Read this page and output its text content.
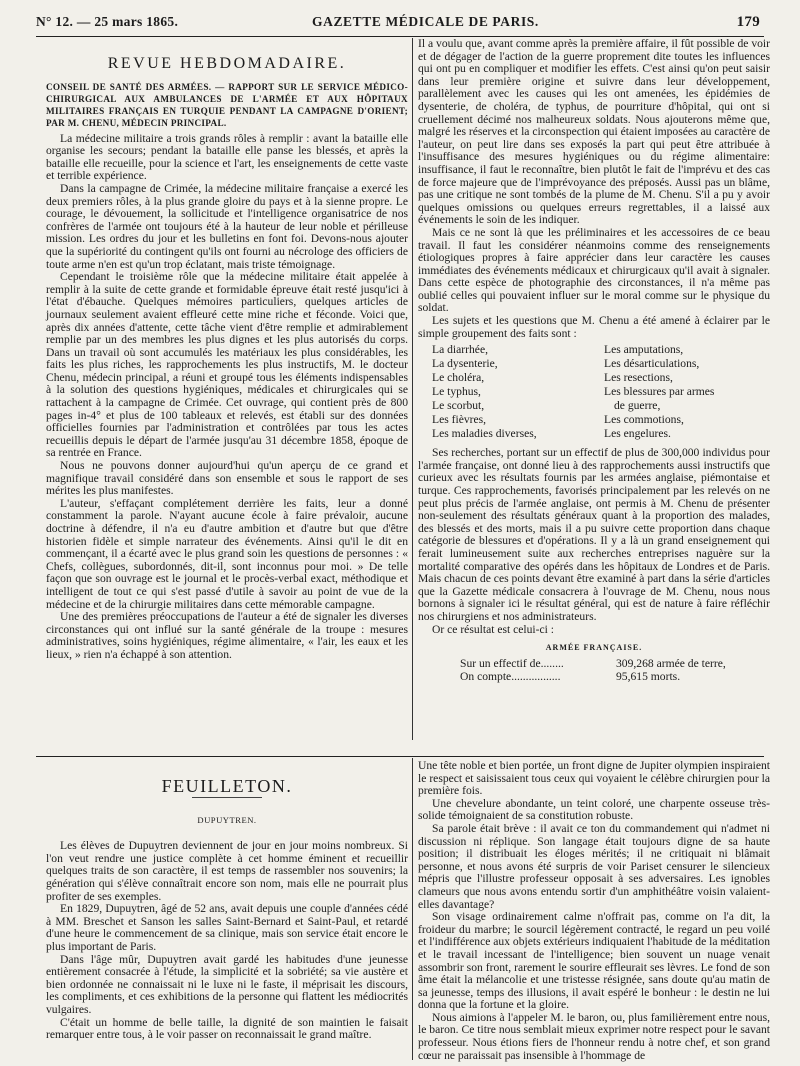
N° 12. — 25 mars 1865.	GAZETTE MÉDICALE DE PARIS.	179
REVUE HEBDOMADAIRE.
CONSEIL DE SANTÉ DES ARMÉES. — RAPPORT SUR LE SERVICE MÉDICO-CHIRURGICAL AUX AMBULANCES DE L'ARMÉE ET AUX HÔPITAUX MILITAIRES FRANÇAIS EN TURQUIE PENDANT LA CAMPAGNE D'ORIENT; PAR M. CHENU, MÉDECIN PRINCIPAL.

La médecine militaire a trois grands rôles à remplir : avant la bataille elle organise les secours; pendant la bataille elle panse les blessés, et après la bataille elle recueille, pour la science et l'art, les enseignements de cette vaste et terrible expérience.

Dans la campagne de Crimée, la médecine militaire française a exercé les deux premiers rôles, à la plus grande gloire du pays et à la sienne propre. Le courage, le dévouement, la sollicitude et l'intelligence organisatrice de nos confrères de l'armée ont toujours été à la hauteur de leur noble et périlleuse mission. Les ordres du jour et les bulletins en font foi. Devons-nous ajouter que la supériorité du contingent qu'ils ont fourni au nécrologe des officiers de toute arme n'en est qu'un trop éclatant, mais triste témoignage.

Cependant le troisième rôle que la médecine militaire était appelée à remplir à la suite de cette grande et formidable épreuve était resté jusqu'ici à l'état d'ébauche. Quelques mémoires particuliers, quelques articles de journaux seulement avaient effleuré cette mine riche et féconde. Voici que, après dix années d'attente, cette tâche vient d'être remplie et admirablement remplie par un des membres les plus dignes et les plus autorisés du corps. Dans un travail où sont accumulés les matériaux les plus considérables, les faits les plus riches, les rapprochements les plus instructifs, M. le docteur Chenu, médecin principal, a réuni et groupé tous les éléments indispensables à la solution des questions hygiéniques, médicales et chirurgicales qui se rattachent à la campagne de Crimée. Cet ouvrage, qui contient près de 800 pages in-4° et plus de 100 tableaux et relevés, est établi sur des données officielles fournies par l'administration et contrôlées par tous les actes recueillis depuis le départ de l'armée jusqu'au 31 décembre 1858, époque de sa rentrée en France.

Nous ne pouvons donner aujourd'hui qu'un aperçu de ce grand et magnifique travail considéré dans son ensemble et sous le rapport de ses mérites les plus manifestes.

L'auteur, s'effaçant complétement derrière les faits, leur a donné constamment la parole. N'ayant aucune école à faire prévaloir, aucune doctrine à défendre, il n'a eu d'autre ambition et d'autre but que d'être historien fidèle et simple narrateur des événements. Ainsi qu'il le dit en commençant, il a écarté avec le plus grand soin les questions de personnes : « Chefs, collègues, subordonnés, dit-il, sont inconnus pour moi. » De telle façon que son ouvrage est le journal et le procès-verbal exact, méthodique et intelligent de tout ce qui s'est passé d'utile à savoir au point de vue de la médecine et de la chirurgie militaires dans cette mémorable campagne.

Une des premières préoccupations de l'auteur a été de signaler les diverses circonstances qui ont influé sur la santé générale de la troupe : mesures administratives, soins hygiéniques, régime alimentaire, « l'air, les eaux et les lieux, » rien n'a échappé à son attention.

Il a voulu que, avant comme après la première affaire, il fût possible de voir et de dégager de l'action de la guerre proprement dite toutes les influences qui ont pu en compliquer et modifier les effets. C'est ainsi qu'on peut saisir dans leur première origine et suivre dans leur développement, parallèlement avec les causes qui les ont amenées, les épidémies de dysenterie, de choléra, de typhus, de pourriture d'hôpital, qui ont si cruellement décimé nos malheureux soldats. Nous ajouterons même que, malgré les réserves et la circonspection qui étaient imposées au caractère de l'auteur, on peut lire dans ses exposés la part qui peut être attribuée à l'insuffisance des mesures hygiéniques ou du régime alimentaire: insuffisance, il faut le reconnaître, bien plutôt le fait de l'imprévu et des cas de force majeure que de l'imprévoyance des préposés. Aussi pas un blâme, pas une critique ne sont tombés de la plume de M. Chenu. S'il a pu y avoir quelques omissions ou quelques erreurs regrettables, il a laissé aux événements le soin de les indiquer.

Mais ce ne sont là que les préliminaires et les accessoires de ce beau travail. Il faut les considérer néanmoins comme des renseignements étiologiques propres à faire apprécier dans leur caractère les causes immédiates des événements médicaux et chirurgicaux qu'il avait à signaler. Dans cette espèce de photographie des circonstances, il n'a même pas oublié celles qui pouvaient influer sur le moral comme sur le physique du soldat.

Les sujets et les questions que M. Chenu a été amené à éclairer par le simple groupement des faits sont :

La diarrhée,	Les amputations,
La dysenterie,	Les désarticulations,
Le choléra,	Les resections,
Le typhus,	Les blessures par armes
Le scorbut,	de guerre,
Les fièvres,	Les commotions,
Les maladies diverses,	Les engelures.

Ses recherches, portant sur un effectif de plus de 300,000 individus pour l'armée française, ont donné lieu à des rapprochements aussi instructifs que curieux avec les résultats fournis par les armées anglaise, piémontaise et turque. Ces rapprochements, favorisés principalement par les relevés on ne peut plus précis de l'armée anglaise, ont permis à M. Chenu de présenter non-seulement des résultats généraux quant à la proportion des malades, des blessés et des morts, mais il a pu suivre cette proportion dans chaque catégorie de blessures et d'opérations. Il y a là un grand enseignement qui ferait lumineusement suite aux recherches entreprises naguère sur la mortalité comparative des opérés dans les hôpitaux de Londres et de Paris. Mais chacun de ces points devant être examiné à part dans la série d'articles que la Gazette médicale consacrera à l'ouvrage de M. Chenu, nous nous bornons à signaler ici le résultat général, qui est de nature à faire réfléchir nos chirurgiens et nos administrateurs.

Or ce résultat est celui-ci :

ARMÉE FRANÇAISE.
Sur un effectif de........	309,268 armée de terre,
On compte.................	95,615 morts.
FEUILLETON.
DUPUYTREN.

Les élèves de Dupuytren deviennent de jour en jour moins nombreux. Si l'on veut rendre une justice complète à cet homme éminent et recueillir quelques traits de son caractère, il est temps de rassembler nos souvenirs; la génération qui s'élève connaîtrait encore son nom, mais elle ne pourrait plus profiter de ses exemples.

En 1829, Dupuytren, âgé de 52 ans, avait depuis une couple d'années cédé à MM. Breschet et Sanson les salles Saint-Bernard et Saint-Paul, et retardé d'une heure le commencement de sa clinique, mais son service était encore le plus important de Paris.

Dans l'âge mûr, Dupuytren avait gardé les habitudes d'une jeunesse entièrement consacrée à l'étude, la simplicité et la sobriété; sa vie austère et bien ordonnée ne connaissait ni le luxe ni le faste, il méprisait les discours, les compliments, et ces exhibitions de la personne qui flattent les médiocrités vulgaires.

C'était un homme de belle taille, la dignité de son maintien le faisait remarquer entre tous, à le voir passer on reconnaissait le grand maître.

Une tête noble et bien portée, un front digne de Jupiter olympien inspiraient le respect et saisissaient tous ceux qui voyaient le célèbre chirurgien pour la première fois.

Une chevelure abondante, un teint coloré, une charpente osseuse très-solide témoignaient de sa constitution robuste.

Sa parole était brève : il avait ce ton du commandement qui n'admet ni discussion ni réplique. Son langage était toujours digne de sa haute position; il distribuait les éloges mérités; il ne critiquait ni blâmait personne, et nous avons été surpris de voir Pariset censurer le silencieux mépris que l'illustre professeur opposait à ses adversaires. Les ignobles clameurs que nous avons entendu sortir d'un amphithéâtre voisin valaient-elles davantage?

Son visage ordinairement calme n'offrait pas, comme on l'a dit, la froideur du marbre; le sourcil légèrement contracté, le regard un peu voilé et l'indifférence aux objets extérieurs indiquaient l'habitude de la méditation et le travail incessant de l'intelligence; bien souvent un nuage venait assombrir son front, rarement le sourire effleurait ses lèvres. Le fond de son âme était la mélancolie et une tristesse résignée, sans doute qu'au matin de sa jeunesse, temps des illusions, il avait espéré le bonheur : le destin ne lui donna que la fortune et la gloire.

Nous aimions à l'appeler M. le baron, ou, plus familièrement entre nous, le baron. Ce titre nous semblait mieux exprimer notre respect pour le savant professeur. Nous étions fiers de l'honneur rendu à notre chef, et son grand cœur ne paraissait pas insensible à l'hommage de
